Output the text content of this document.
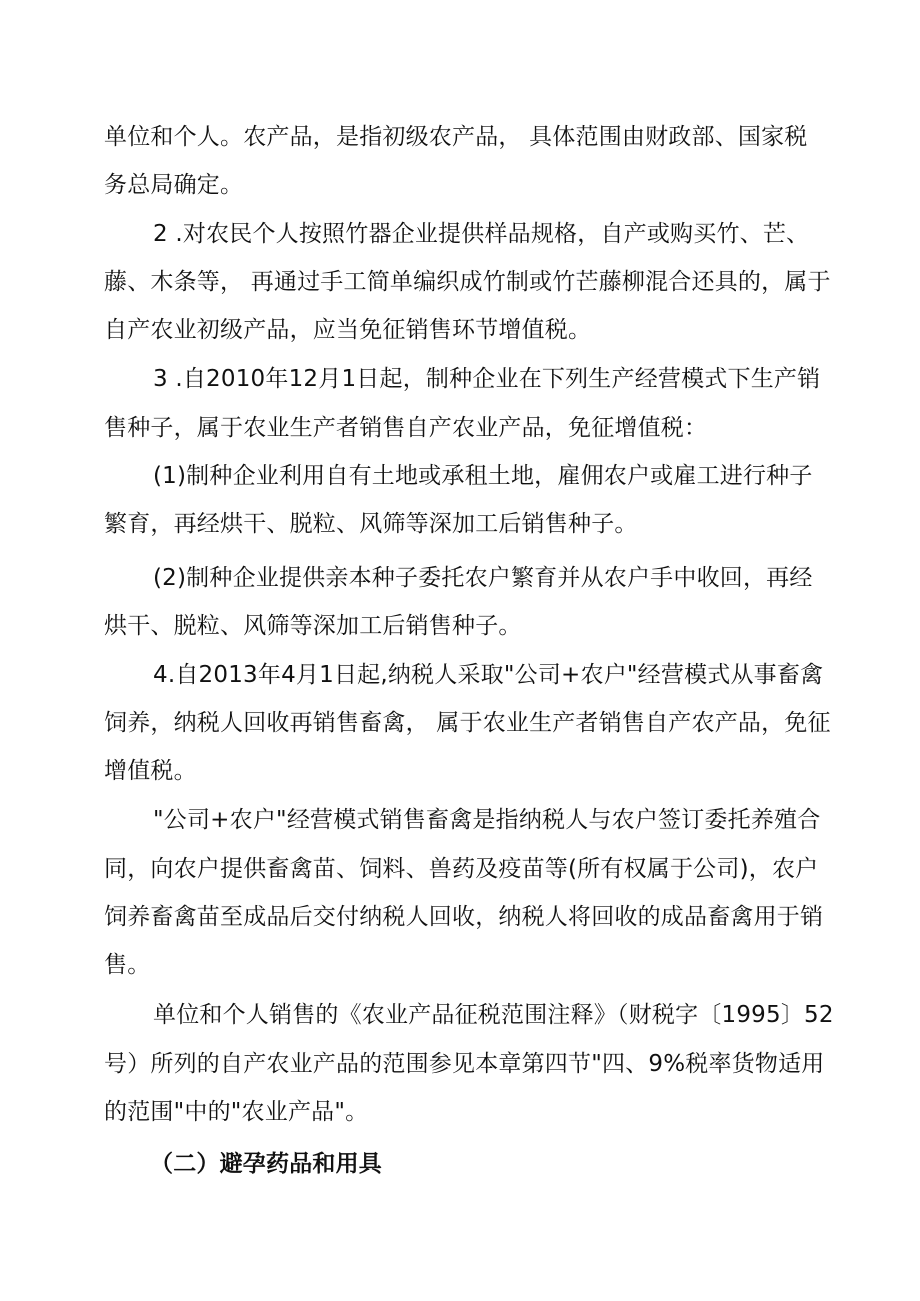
单位和个人。农产品，是指初级农产品， 具体范围由财政部、国家税
务总局确定。
2 .对农民个人按照竹器企业提供样品规格，自产或购买竹、芒、
藤、木条等， 再通过手工简单编织成竹制或竹芒藤柳混合还具的，属于
自产农业初级产品，应当免征销售环节增值税。
3 .自2010年12月1日起，制种企业在下列生产经营模式下生产销
售种子，属于农业生产者销售自产农业产品，免征增值税：
(1)制种企业利用自有土地或承租土地，雇佣农户或雇工进行种子
繁育，再经烘干、脱粒、风筛等深加工后销售种子。
(2)制种企业提供亲本种子委托农户繁育并从农户手中收回，再经
烘干、脱粒、风筛等深加工后销售种子。
4.自2013年4月1日起,纳税人采取"公司+农户"经营模式从事畜禽
饲养，纳税人回收再销售畜禽， 属于农业生产者销售自产农产品，免征
增值税。
"公司+农户"经营模式销售畜禽是指纳税人与农户签订委托养殖合
同，向农户提供畜禽苗、饲料、兽药及疫苗等(所有权属于公司)，农户
饲养畜禽苗至成品后交付纳税人回收，纳税人将回收的成品畜禽用于销
售。
单位和个人销售的《农业产品征税范围注释》（财税字〔1995〕52
号）所列的自产农业产品的范围参见本章第四节"四、9%税率货物适用
的范围"中的"农业产品"。
（二）避孕药品和用具
